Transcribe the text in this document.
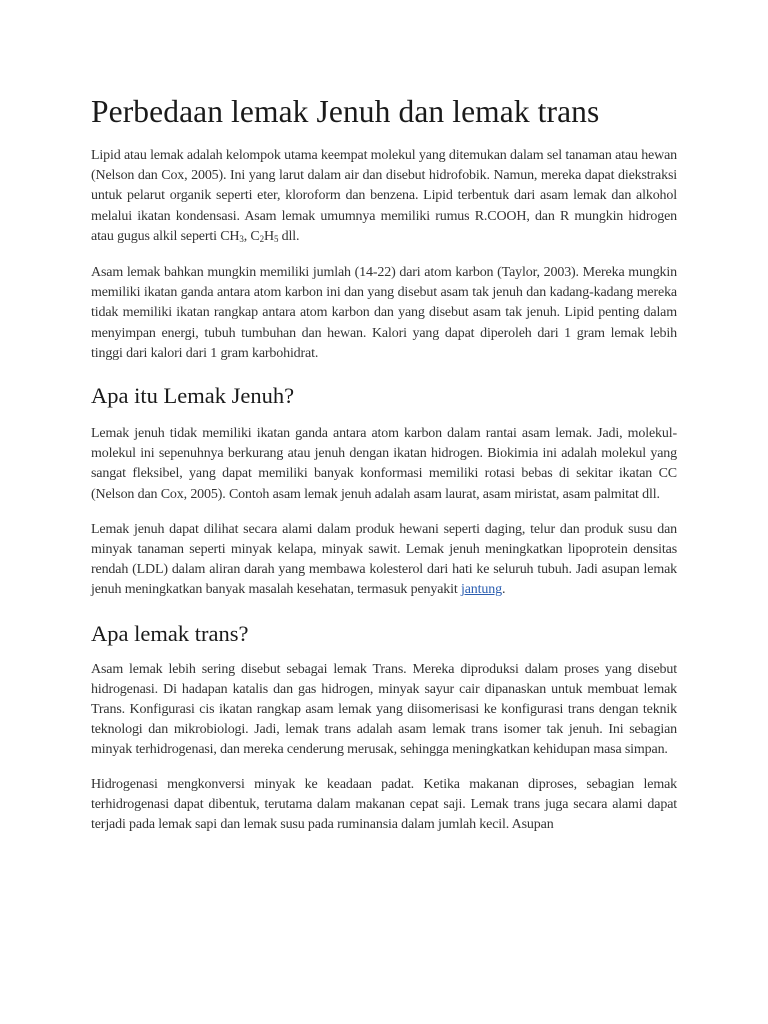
Perbedaan lemak Jenuh dan lemak trans

Lipid atau lemak adalah kelompok utama keempat molekul yang ditemukan dalam sel tanaman atau hewan (Nelson dan Cox, 2005). Ini yang larut dalam air dan disebut hidrofobik. Namun, mereka dapat diekstraksi untuk pelarut organik seperti eter, kloroform dan benzena. Lipid terbentuk dari asam lemak dan alkohol melalui ikatan kondensasi. Asam lemak umumnya memiliki rumus R.COOH, dan R mungkin hidrogen atau gugus alkil seperti $CH_3$, $C_2H_5$ dll.

Asam lemak bahkan mungkin memiliki jumlah (14-22) dari atom karbon (Taylor, 2003). Mereka mungkin memiliki ikatan ganda antara atom karbon ini dan yang disebut asam tak jenuh dan kadang-kadang mereka tidak memiliki ikatan rangkap antara atom karbon dan yang disebut asam tak jenuh. Lipid penting dalam menyimpan energi, tubuh tumbuhan dan hewan. Kalori yang dapat diperoleh dari 1 gram lemak lebih tinggi dari kalori dari 1 gram karbohidrat.

Apa itu Lemak Jenuh?

Lemak jenuh tidak memiliki ikatan ganda antara atom karbon dalam rantai asam lemak. Jadi, molekul-molekul ini sepenuhnya berkurang atau jenuh dengan ikatan hidrogen. Biokimia ini adalah molekul yang sangat fleksibel, yang dapat memiliki banyak konformasi memiliki rotasi bebas di sekitar ikatan CC (Nelson dan Cox, 2005). Contoh asam lemak jenuh adalah asam laurat, asam miristat, asam palmitat dll.

Lemak jenuh dapat dilihat secara alami dalam produk hewani seperti daging, telur dan produk susu dan minyak tanaman seperti minyak kelapa, minyak sawit. Lemak jenuh meningkatkan lipoprotein densitas rendah (LDL) dalam aliran darah yang membawa kolesterol dari hati ke seluruh tubuh. Jadi asupan lemak jenuh meningkatkan banyak masalah kesehatan, termasuk penyakit jantung.

Apa lemak trans?

Asam lemak lebih sering disebut sebagai lemak Trans. Mereka diproduksi dalam proses yang disebut hidrogenasi. Di hadapan katalis dan gas hidrogen, minyak sayur cair dipanaskan untuk membuat lemak Trans. Konfigurasi cis ikatan rangkap asam lemak yang diisomerisasi ke konfigurasi trans dengan teknik teknologi dan mikrobiologi. Jadi, lemak trans adalah asam lemak trans isomer tak jenuh. Ini sebagian minyak terhidrogenasi, dan mereka cenderung merusak, sehingga meningkatkan kehidupan masa simpan.

Hidrogenasi mengkonversi minyak ke keadaan padat. Ketika makanan diproses, sebagian lemak terhidrogenasi dapat dibentuk, terutama dalam makanan cepat saji. Lemak trans juga secara alami dapat terjadi pada lemak sapi dan lemak susu pada ruminansia dalam jumlah kecil. Asupan
